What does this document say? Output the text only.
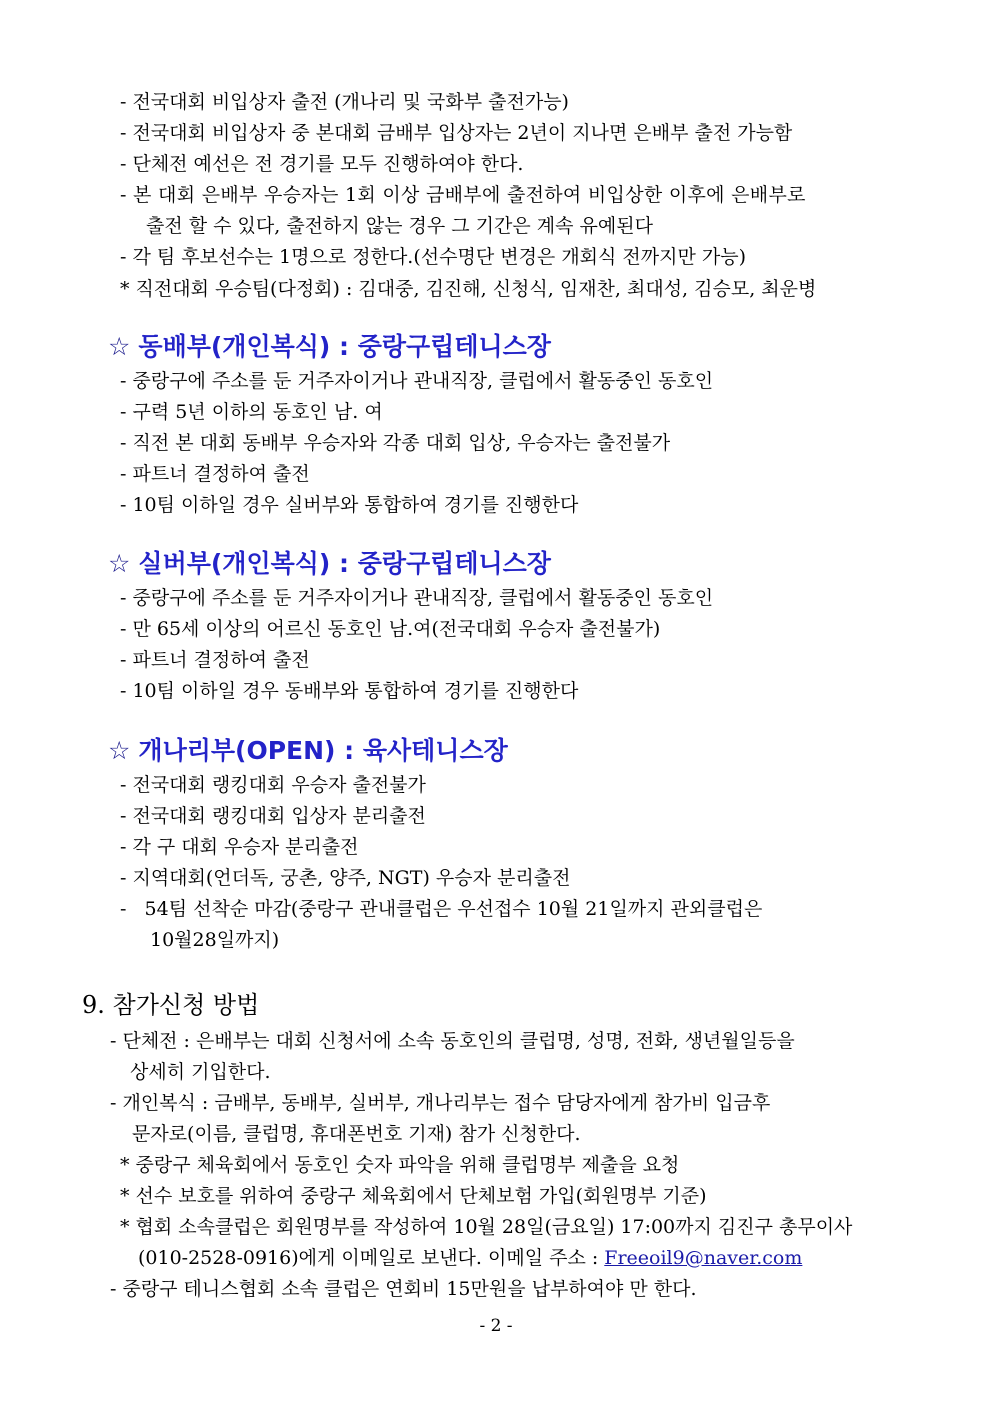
- 전국대회 비입상자 출전 (개나리 및 국화부 출전가능)
- 전국대회 비입상자 중 본대회 금배부 입상자는 2년이 지나면 은배부 출전 가능함
- 단체전 예선은 전 경기를 모두 진행하여야 한다.
- 본 대회 은배부 우승자는 1회 이상 금배부에 출전하여 비입상한 이후에 은배부로
출전 할 수 있다, 출전하지 않는 경우 그 기간은 계속 유예된다
- 각 팀 후보선수는 1명으로 정한다.(선수명단 변경은 개회식 전까지만 가능)
* 직전대회 우승팀(다정회) : 김대중, 김진해, 신청식, 임재찬, 최대성, 김승모, 최운병
☆ 동배부(개인복식) : 중랑구립테니스장
- 중랑구에 주소를 둔 거주자이거나 관내직장, 클럽에서 활동중인 동호인
- 구력 5년 이하의 동호인 남. 여
- 직전 본 대회 동배부 우승자와 각종 대회 입상, 우승자는 출전불가
- 파트너 결정하여 출전
- 10팀 이하일 경우 실버부와 통합하여 경기를 진행한다
☆ 실버부(개인복식) : 중랑구립테니스장
- 중랑구에 주소를 둔 거주자이거나 관내직장, 클럽에서 활동중인 동호인
- 만 65세 이상의 어르신 동호인 남.여(전국대회 우승자 출전불가)
- 파트너 결정하여 출전
- 10팀 이하일 경우 동배부와 통합하여 경기를 진행한다
☆ 개나리부(OPEN) : 육사테니스장
- 전국대회 랭킹대회 우승자 출전불가
- 전국대회 랭킹대회 입상자 분리출전
- 각 구 대회 우승자 분리출전
- 지역대회(언더독, 궁촌, 양주, NGT) 우승자 분리출전
-   54팀 선착순 마감(중랑구 관내클럽은 우선접수 10월 21일까지 관외클럽은
10월28일까지)
9. 참가신청 방법
- 단체전 : 은배부는 대회 신청서에 소속 동호인의 클럽명, 성명, 전화, 생년월일등을
상세히 기입한다.
- 개인복식 : 금배부, 동배부, 실버부, 개나리부는 접수 담당자에게 참가비 입금후
문자로(이름, 클럽명, 휴대폰번호 기재) 참가 신청한다.
* 중랑구 체육회에서 동호인 숫자 파악을 위해 클럽명부 제출을 요청
* 선수 보호를 위하여 중랑구 체육회에서 단체보험 가입(회원명부 기준)
* 협회 소속클럽은 회원명부를 작성하여 10월 28일(금요일) 17:00까지 김진구 총무이사
(010-2528-0916)에게 이메일로 보낸다. 이메일 주소 : Freeoil9@naver.com
- 중랑구 테니스협회 소속 클럽은 연회비 15만원을 납부하여야 만 한다.
- 2 -
